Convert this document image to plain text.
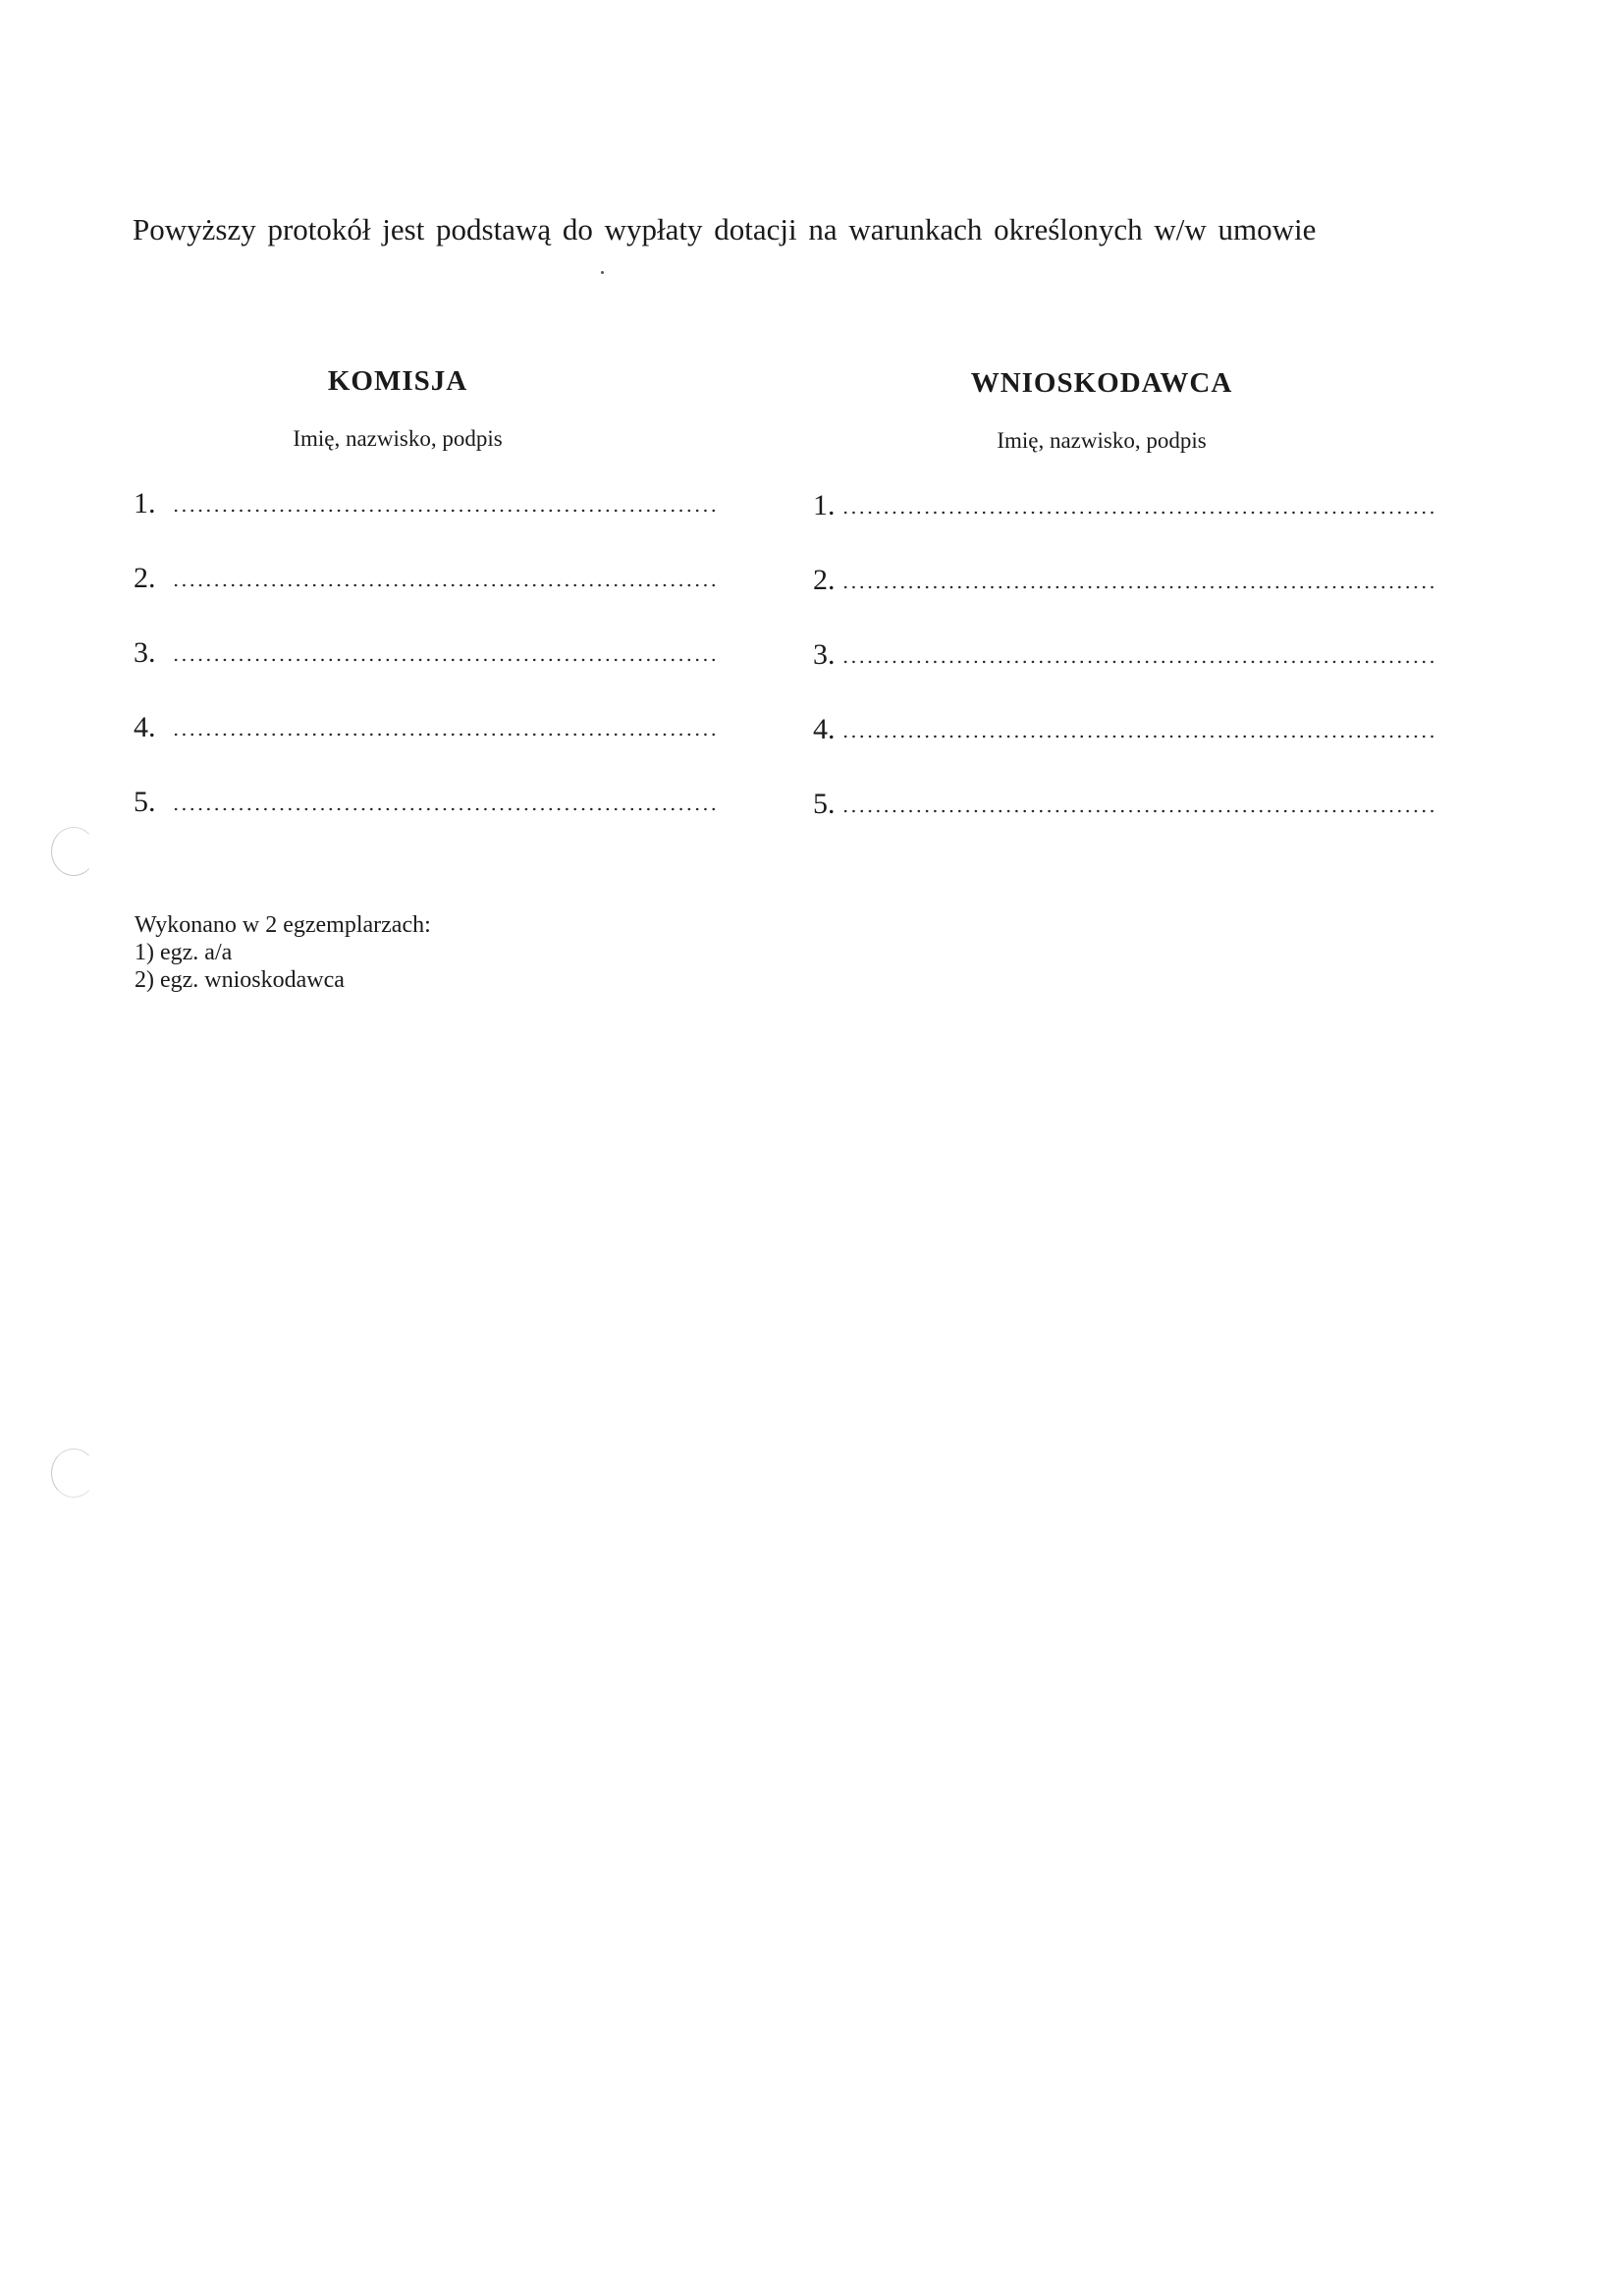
Powyższy protokół jest podstawą do wypłaty dotacji na warunkach określonych w/w umowie
KOMISJA
Imię, nazwisko, podpis
1.
2.
3.
4.
5.
WNIOSKODAWCA
Imię, nazwisko, podpis
1.
2.
3.
4.
5.
Wykonano w 2 egzemplarzach:
1) egz. a/a
2) egz. wnioskodawca
